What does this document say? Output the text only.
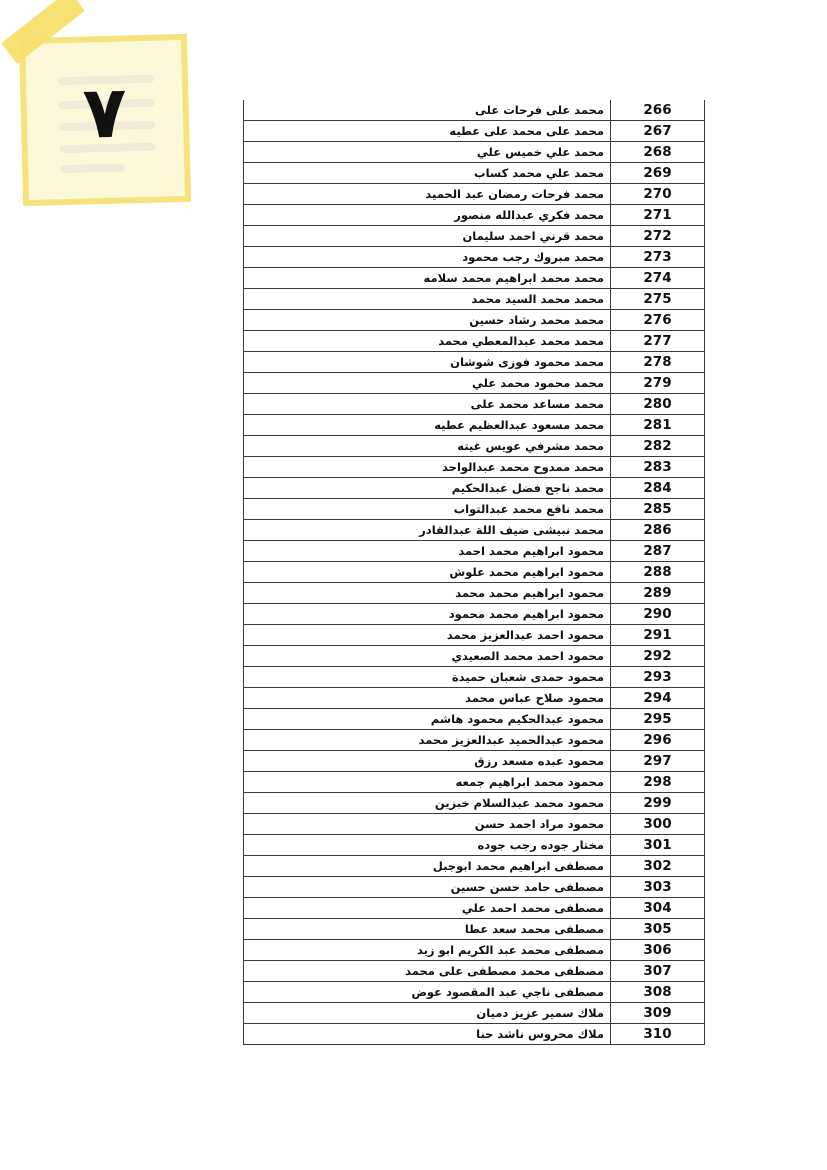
٧	محمد على فرحات على	266
محمد على محمد على عطيه	267
محمد علي خميس علي	268
محمد علي محمد كساب	269
محمد فرحات رمضان عبد الحميد	270
محمد فكري عبدالله منصور	271
محمد قرني احمد سليمان	272
محمد مبروك رجب محمود	273
محمد محمد ابراهيم محمد سلامه	274
محمد محمد السيد محمد	275
محمد محمد رشاد حسين	276
محمد محمد عبدالمعطي محمد	277
محمد محمود فوزى شوشان	278
محمد محمود محمد علي	279
محمد مساعد محمد على	280
محمد مسعود عبدالعظيم عطيه	281
محمد مشرفي عويس غيته	282
محمد ممدوح محمد عبدالواحد	283
محمد ناجح فضل عبدالحكيم	284
محمد نافع محمد عبدالتواب	285
محمد نبيشى ضيف اللة عبدالقادر	286
محمود ابراهيم محمد احمد	287
محمود ابراهيم محمد علوش	288
محمود ابراهيم محمد محمد	289
محمود ابراهيم محمد محمود	290
محمود احمد عبدالعزيز محمد	291
محمود احمد محمد الصعيدي	292
محمود حمدى شعبان حميدة	293
محمود صلاح عباس محمد	294
محمود عبدالحكيم محمود هاشم	295
محمود عبدالحميد عبدالعزيز محمد	296
محمود عبده مسعد رزق	297
محمود محمد ابراهيم جمعه	298
محمود محمد عبدالسلام خبزين	299
محمود مراد احمد حسن	300
مختار جوده رجب جوده	301
مصطفى ابراهيم محمد ابوجبل	302
مصطفى حامد حسن حسين	303
مصطفى محمد احمد علي	304
مصطفى محمد سعد عطا	305
مصطفى محمد عبد الكريم ابو زيد	306
مصطفى محمد مصطفى على محمد	307
مصطفى ناجي عبد المقصود عوض	308
ملاك سمير عزيز دميان	309
ملاك محروس ناشد حنا	310
